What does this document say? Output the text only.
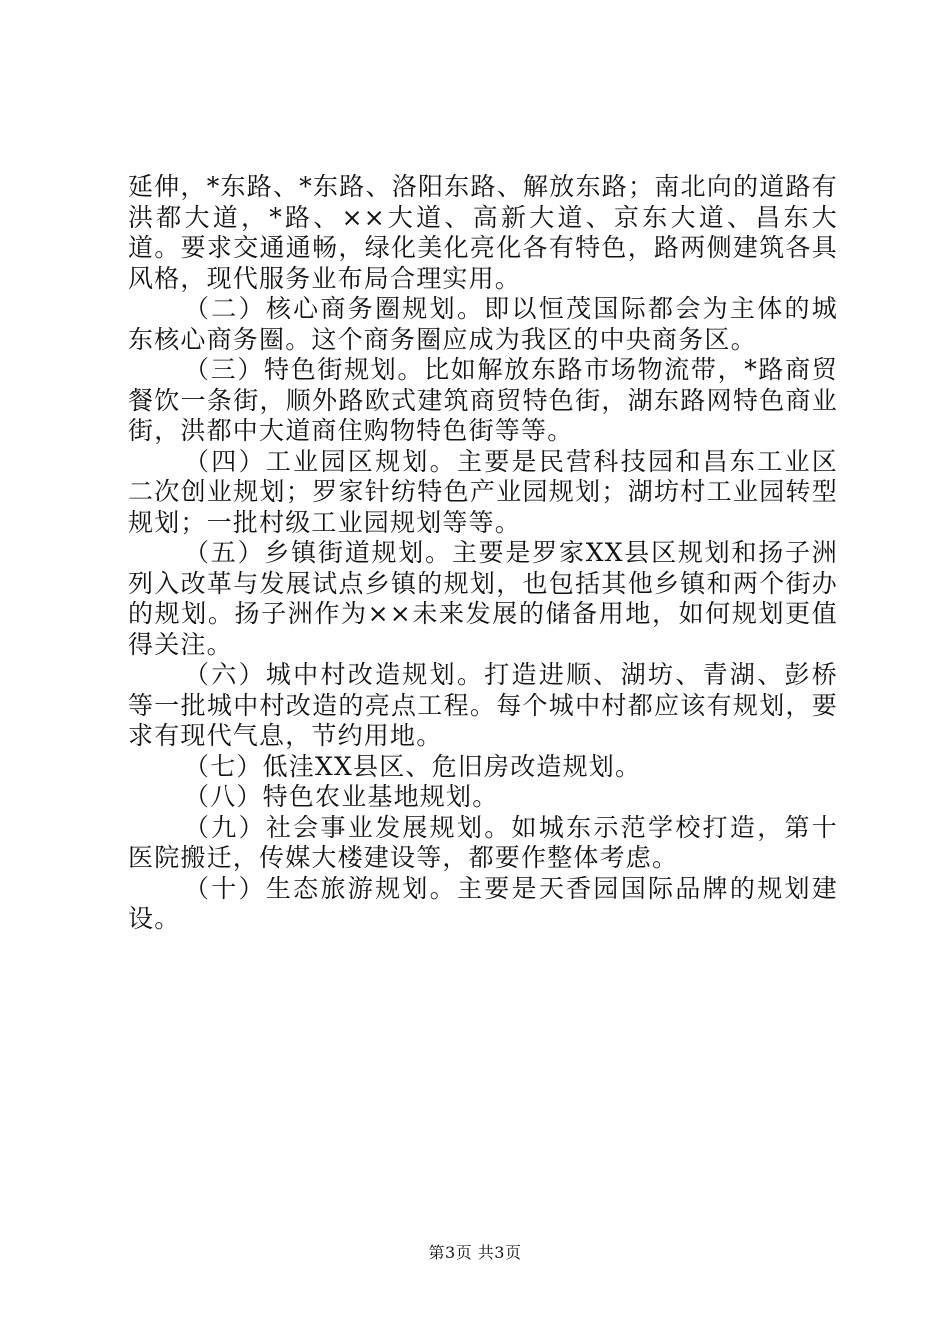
延伸，*东路、*东路、洛阳东路、解放东路；南北向的道路有洪都大道，*路、××大道、高新大道、京东大道、昌东大道。要求交通通畅，绿化美化亮化各有特色，路两侧建筑各具风格，现代服务业布局合理实用。

（二）核心商务圈规划。即以恒茂国际都会为主体的城东核心商务圈。这个商务圈应成为我区的中央商务区。

（三）特色街规划。比如解放东路市场物流带，*路商贸餐饮一条街，顺外路欧式建筑商贸特色街，湖东路网特色商业街，洪都中大道商住购物特色街等等。

（四）工业园区规划。主要是民营科技园和昌东工业区二次创业规划；罗家针纺特色产业园规划；湖坊村工业园转型规划；一批村级工业园规划等等。

（五）乡镇街道规划。主要是罗家XX县区规划和扬子洲列入改革与发展试点乡镇的规划，也包括其他乡镇和两个街办的规划。扬子洲作为××未来发展的储备用地，如何规划更值得关注。

（六）城中村改造规划。打造进顺、湖坊、青湖、彭桥等一批城中村改造的亮点工程。每个城中村都应该有规划，要求有现代气息，节约用地。

（七）低洼XX县区、危旧房改造规划。

（八）特色农业基地规划。

（九）社会事业发展规划。如城东示范学校打造，第十医院搬迁，传媒大楼建设等，都要作整体考虑。

（十）生态旅游规划。主要是天香园国际品牌的规划建设。

第3页 共3页
